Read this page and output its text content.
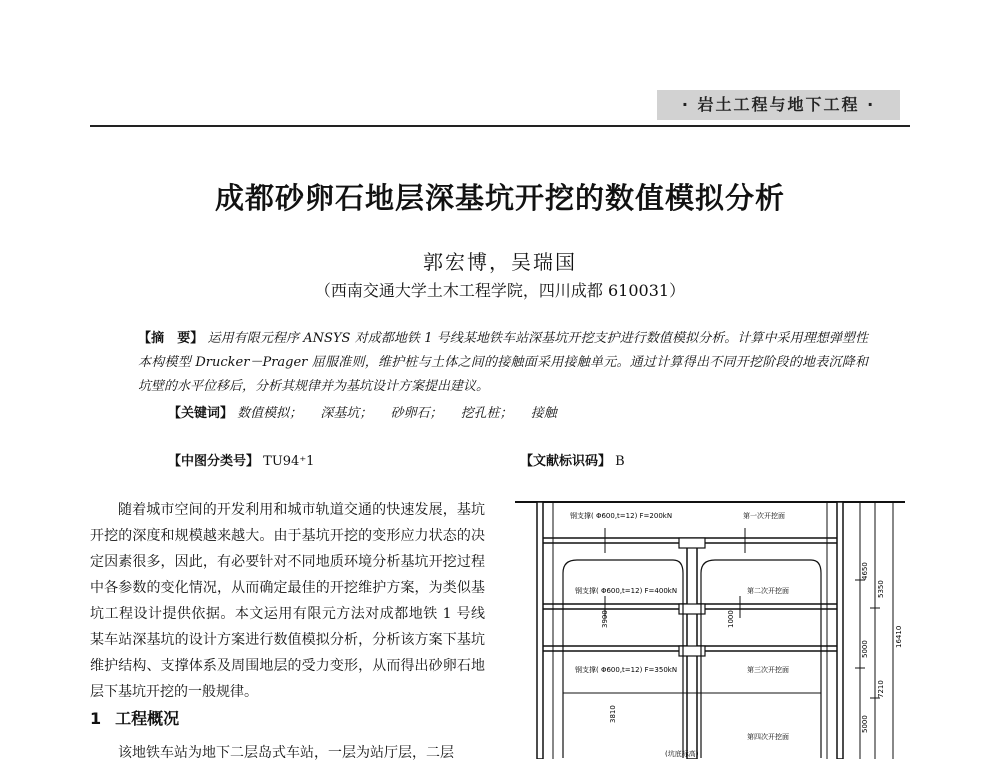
· 岩土工程与地下工程 ·
成都砂卵石地层深基坑开挖的数值模拟分析
郭宏博，吴瑞国
（西南交通大学土木工程学院，四川成都 610031）
【摘　要】 运用有限元程序 ANSYS 对成都地铁 1 号线某地铁车站深基坑开挖支护进行数值模拟分析。计算中采用理想弹塑性本构模型 Drucker－Prager 屈服准则，维护桩与土体之间的接触面采用接触单元。通过计算得出不同开挖阶段的地表沉降和坑壁的水平位移后，分析其规律并为基坑设计方案提出建议。
【关键词】 数值模拟； 深基坑； 砂卵石； 挖孔桩； 接触
【中图分类号】 TU94⁺1	【文献标识码】 B
随着城市空间的开发利用和城市轨道交通的快速发展，基坑开挖的深度和规模越来越大。由于基坑开挖的变形应力状态的决定因素很多，因此，有必要针对不同地质环境分析基坑开挖过程中各参数的变化情况，从而确定最佳的开挖维护方案，为类似基坑工程设计提供依据。本文运用有限元方法对成都地铁 1 号线某车站深基坑的设计方案进行数值模拟分析，分析该方案下基坑维护结构、支撑体系及周围地层的受力变形，从而得出砂卵石地层下基坑开挖的一般规律。
1 工程概况
该地铁车站为地下二层岛式车站，一层为站厅层，二层
钢支撑( Φ600,t=12) F=200kN
钢支撑( Φ600,t=12) F=400kN
钢支撑( Φ600,t=12) F=350kN
第一次开挖面
第二次开挖面
第三次开挖面
第四次开挖面
(坑底标高)
3900	1000
3810
4650
5350
5000
16410
7210
5000
